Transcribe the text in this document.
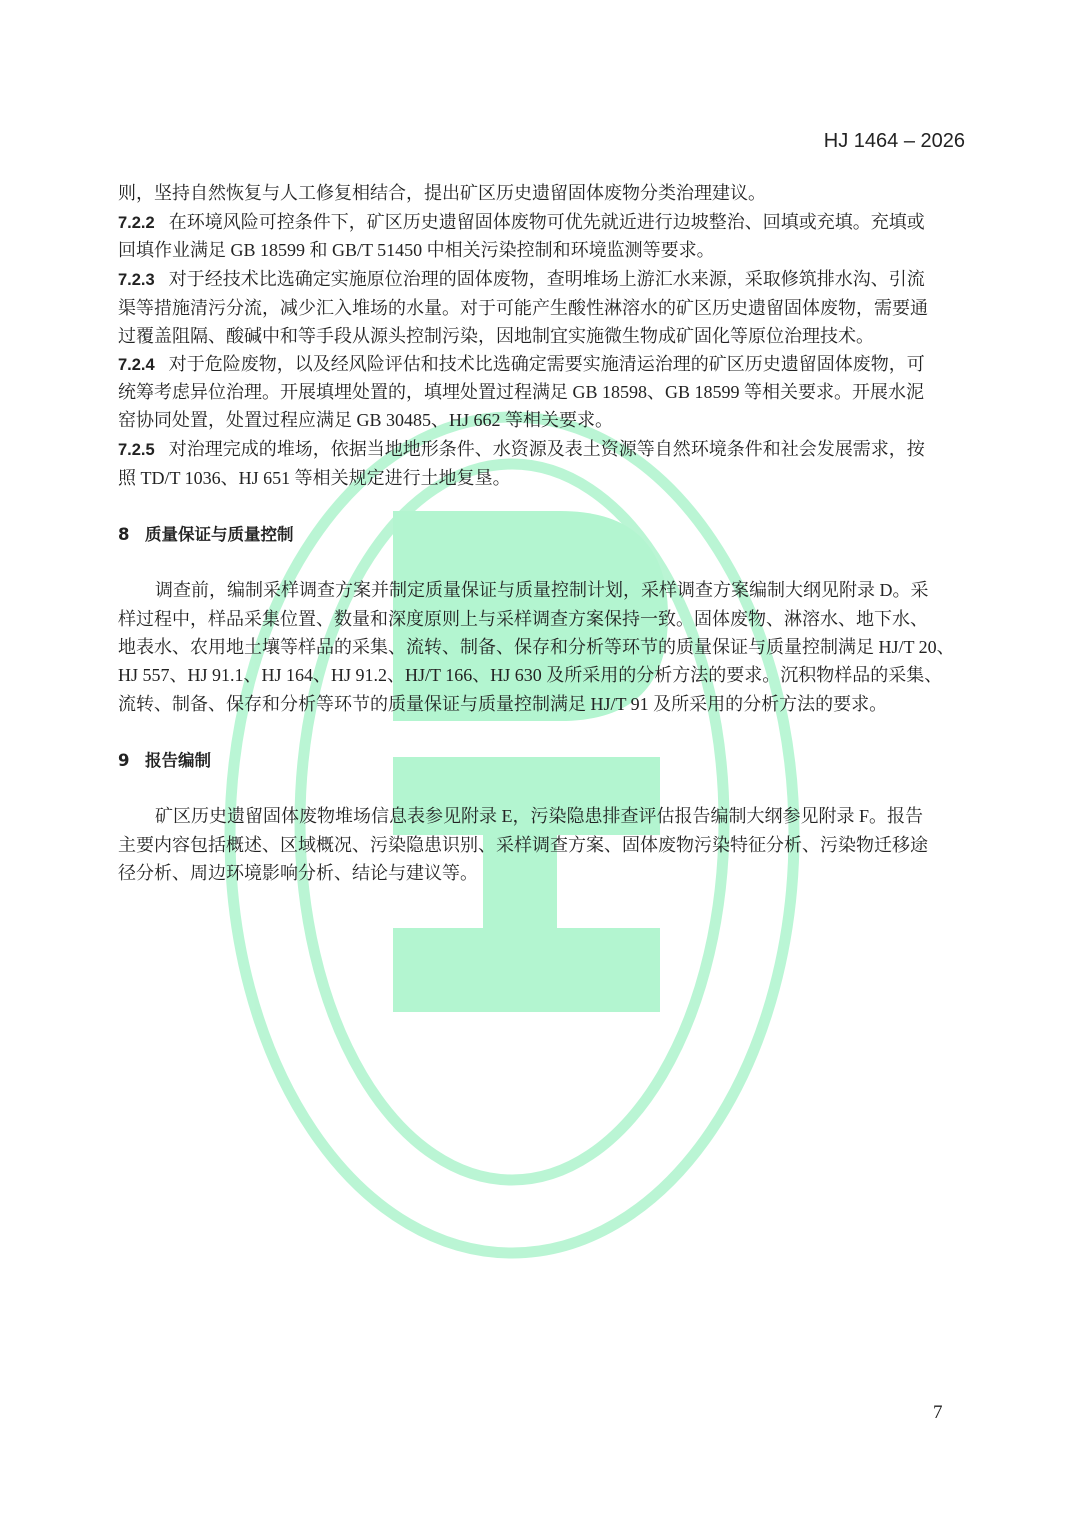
HJ 1464 – 2026
则，坚持自然恢复与人工修复相结合，提出矿区历史遗留固体废物分类治理建议。
7.2.2 在环境风险可控条件下，矿区历史遗留固体废物可优先就近进行边坡整治、回填或充填。充填或
回填作业满足 GB 18599 和 GB/T 51450 中相关污染控制和环境监测等要求。
7.2.3 对于经技术比选确定实施原位治理的固体废物，查明堆场上游汇水来源，采取修筑排水沟、引流
渠等措施清污分流，减少汇入堆场的水量。对于可能产生酸性淋溶水的矿区历史遗留固体废物，需要通
过覆盖阻隔、酸碱中和等手段从源头控制污染，因地制宜实施微生物成矿固化等原位治理技术。
7.2.4 对于危险废物，以及经风险评估和技术比选确定需要实施清运治理的矿区历史遗留固体废物，可
统筹考虑异位治理。开展填埋处置的，填埋处置过程满足 GB 18598、GB 18599 等相关要求。开展水泥
窑协同处置，处置过程应满足 GB 30485、HJ 662 等相关要求。
7.2.5 对治理完成的堆场，依据当地地形条件、水资源及表土资源等自然环境条件和社会发展需求，按
照 TD/T 1036、HJ 651 等相关规定进行土地复垦。
8 质量保证与质量控制
调查前，编制采样调查方案并制定质量保证与质量控制计划，采样调查方案编制大纲见附录 D。采
样过程中，样品采集位置、数量和深度原则上与采样调查方案保持一致。固体废物、淋溶水、地下水、
地表水、农用地土壤等样品的采集、流转、制备、保存和分析等环节的质量保证与质量控制满足 HJ/T 20、
HJ 557、HJ 91.1、HJ 164、HJ 91.2、HJ/T 166、HJ 630 及所采用的分析方法的要求。沉积物样品的采集、
流转、制备、保存和分析等环节的质量保证与质量控制满足 HJ/T 91 及所采用的分析方法的要求。
9 报告编制
矿区历史遗留固体废物堆场信息表参见附录 E，污染隐患排查评估报告编制大纲参见附录 F。报告
主要内容包括概述、区域概况、污染隐患识别、采样调查方案、固体废物污染特征分析、污染物迁移途
径分析、周边环境影响分析、结论与建议等。
7
